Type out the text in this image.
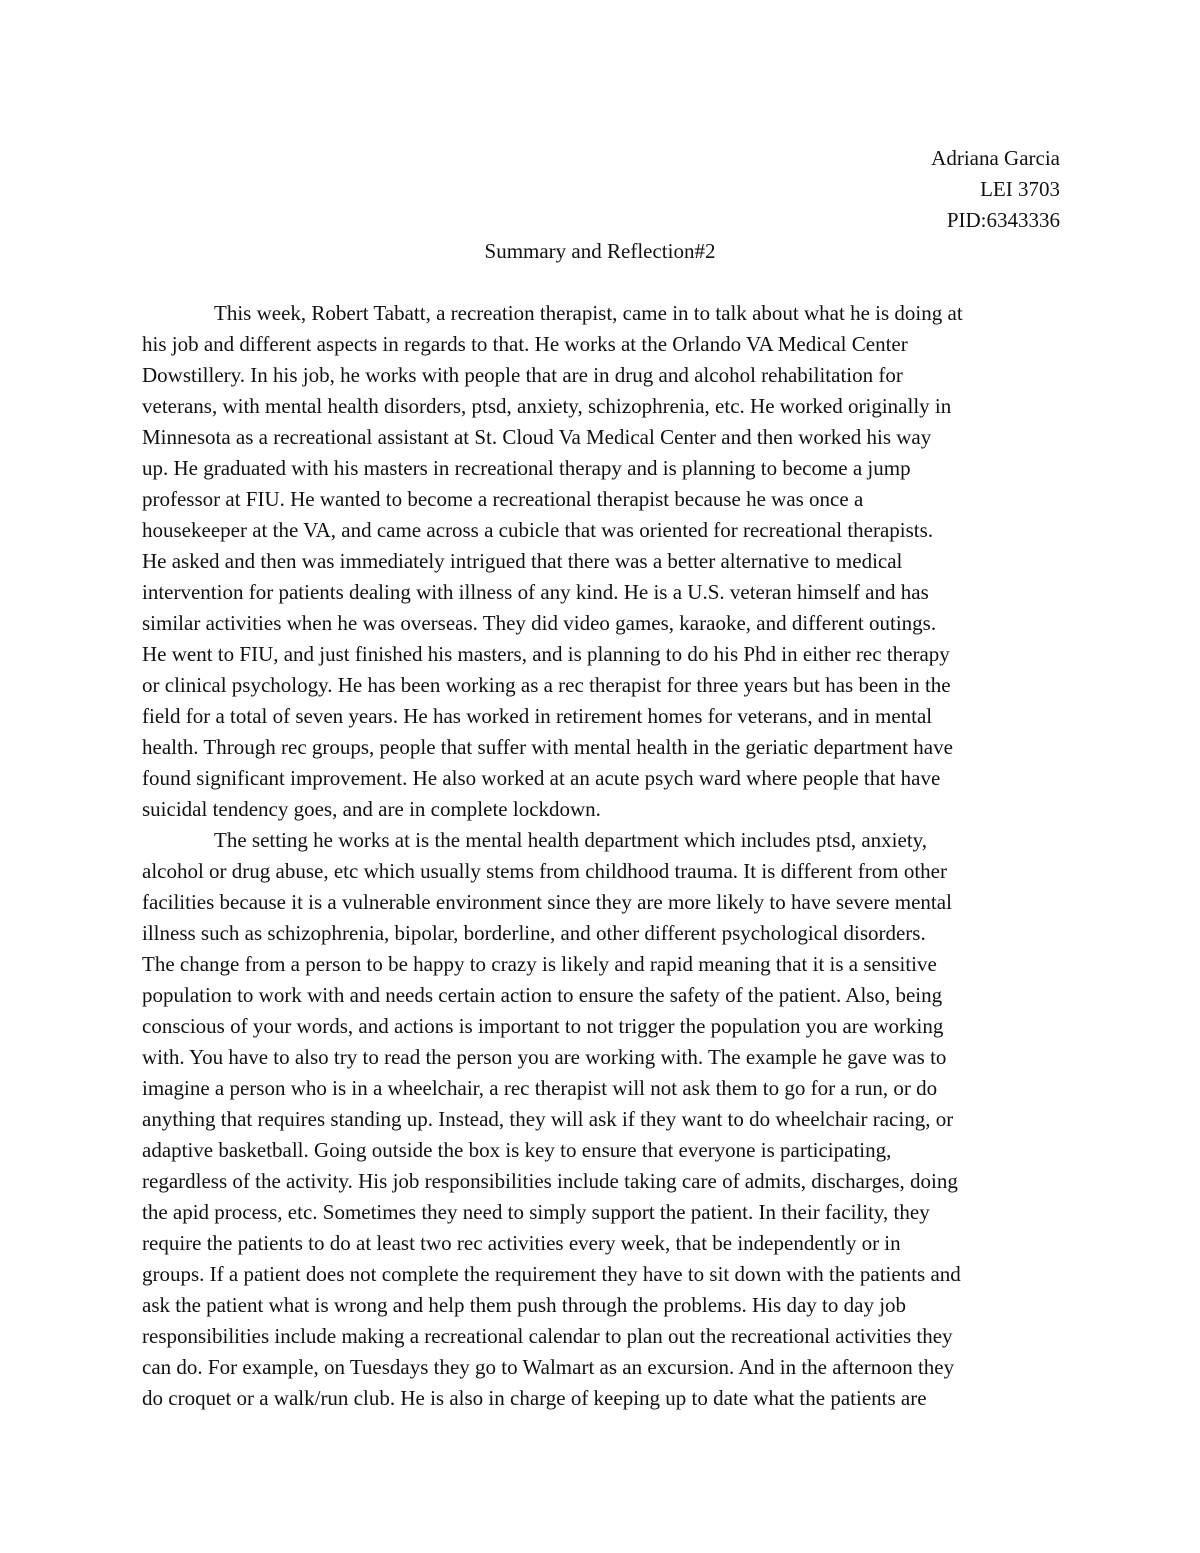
Adriana Garcia
LEI 3703
PID:6343336
Summary and Reflection#2
This week, Robert Tabatt, a recreation therapist, came in to talk about what he is doing at
his job and different aspects in regards to that. He works at the Orlando VA Medical Center
Dowstillery. In his job, he works with people that are in drug and alcohol rehabilitation for
veterans, with mental health disorders, ptsd, anxiety, schizophrenia, etc. He worked originally in
Minnesota as a recreational assistant at St. Cloud Va Medical Center and then worked his way
up. He graduated with his masters in recreational therapy and is planning to become a jump
professor at FIU. He wanted to become a recreational therapist because he was once a
housekeeper at the VA, and came across a cubicle that was oriented for recreational therapists.
He asked and then was immediately intrigued that there was a better alternative to medical
intervention for patients dealing with illness of any kind. He is a U.S. veteran himself and has
similar activities when he was overseas. They did video games, karaoke, and different outings.
He went to FIU, and just finished his masters, and is planning to do his Phd in either rec therapy
or clinical psychology. He has been working as a rec therapist for three years but has been in the
field for a total of seven years. He has worked in retirement homes for veterans, and in mental
health. Through rec groups, people that suffer with mental health in the geriatic department have
found significant improvement. He also worked at an acute psych ward where people that have
suicidal tendency goes, and are in complete lockdown.
The setting he works at is the mental health department which includes ptsd, anxiety,
alcohol or drug abuse, etc which usually stems from childhood trauma. It is different from other
facilities because it is a vulnerable environment since they are more likely to have severe mental
illness such as schizophrenia, bipolar, borderline, and other different psychological disorders.
The change from a person to be happy to crazy is likely and rapid meaning that it is a sensitive
population to work with and needs certain action to ensure the safety of the patient. Also, being
conscious of your words, and actions is important to not trigger the population you are working
with. You have to also try to read the person you are working with. The example he gave was to
imagine a person who is in a wheelchair, a rec therapist will not ask them to go for a run, or do
anything that requires standing up. Instead, they will ask if they want to do wheelchair racing, or
adaptive basketball. Going outside the box is key to ensure that everyone is participating,
regardless of the activity. His job responsibilities include taking care of admits, discharges, doing
the apid process, etc. Sometimes they need to simply support the patient. In their facility, they
require the patients to do at least two rec activities every week, that be independently or in
groups. If a patient does not complete the requirement they have to sit down with the patients and
ask the patient what is wrong and help them push through the problems. His day to day job
responsibilities include making a recreational calendar to plan out the recreational activities they
can do. For example, on Tuesdays they go to Walmart as an excursion. And in the afternoon they
do croquet or a walk/run club. He is also in charge of keeping up to date what the patients are
